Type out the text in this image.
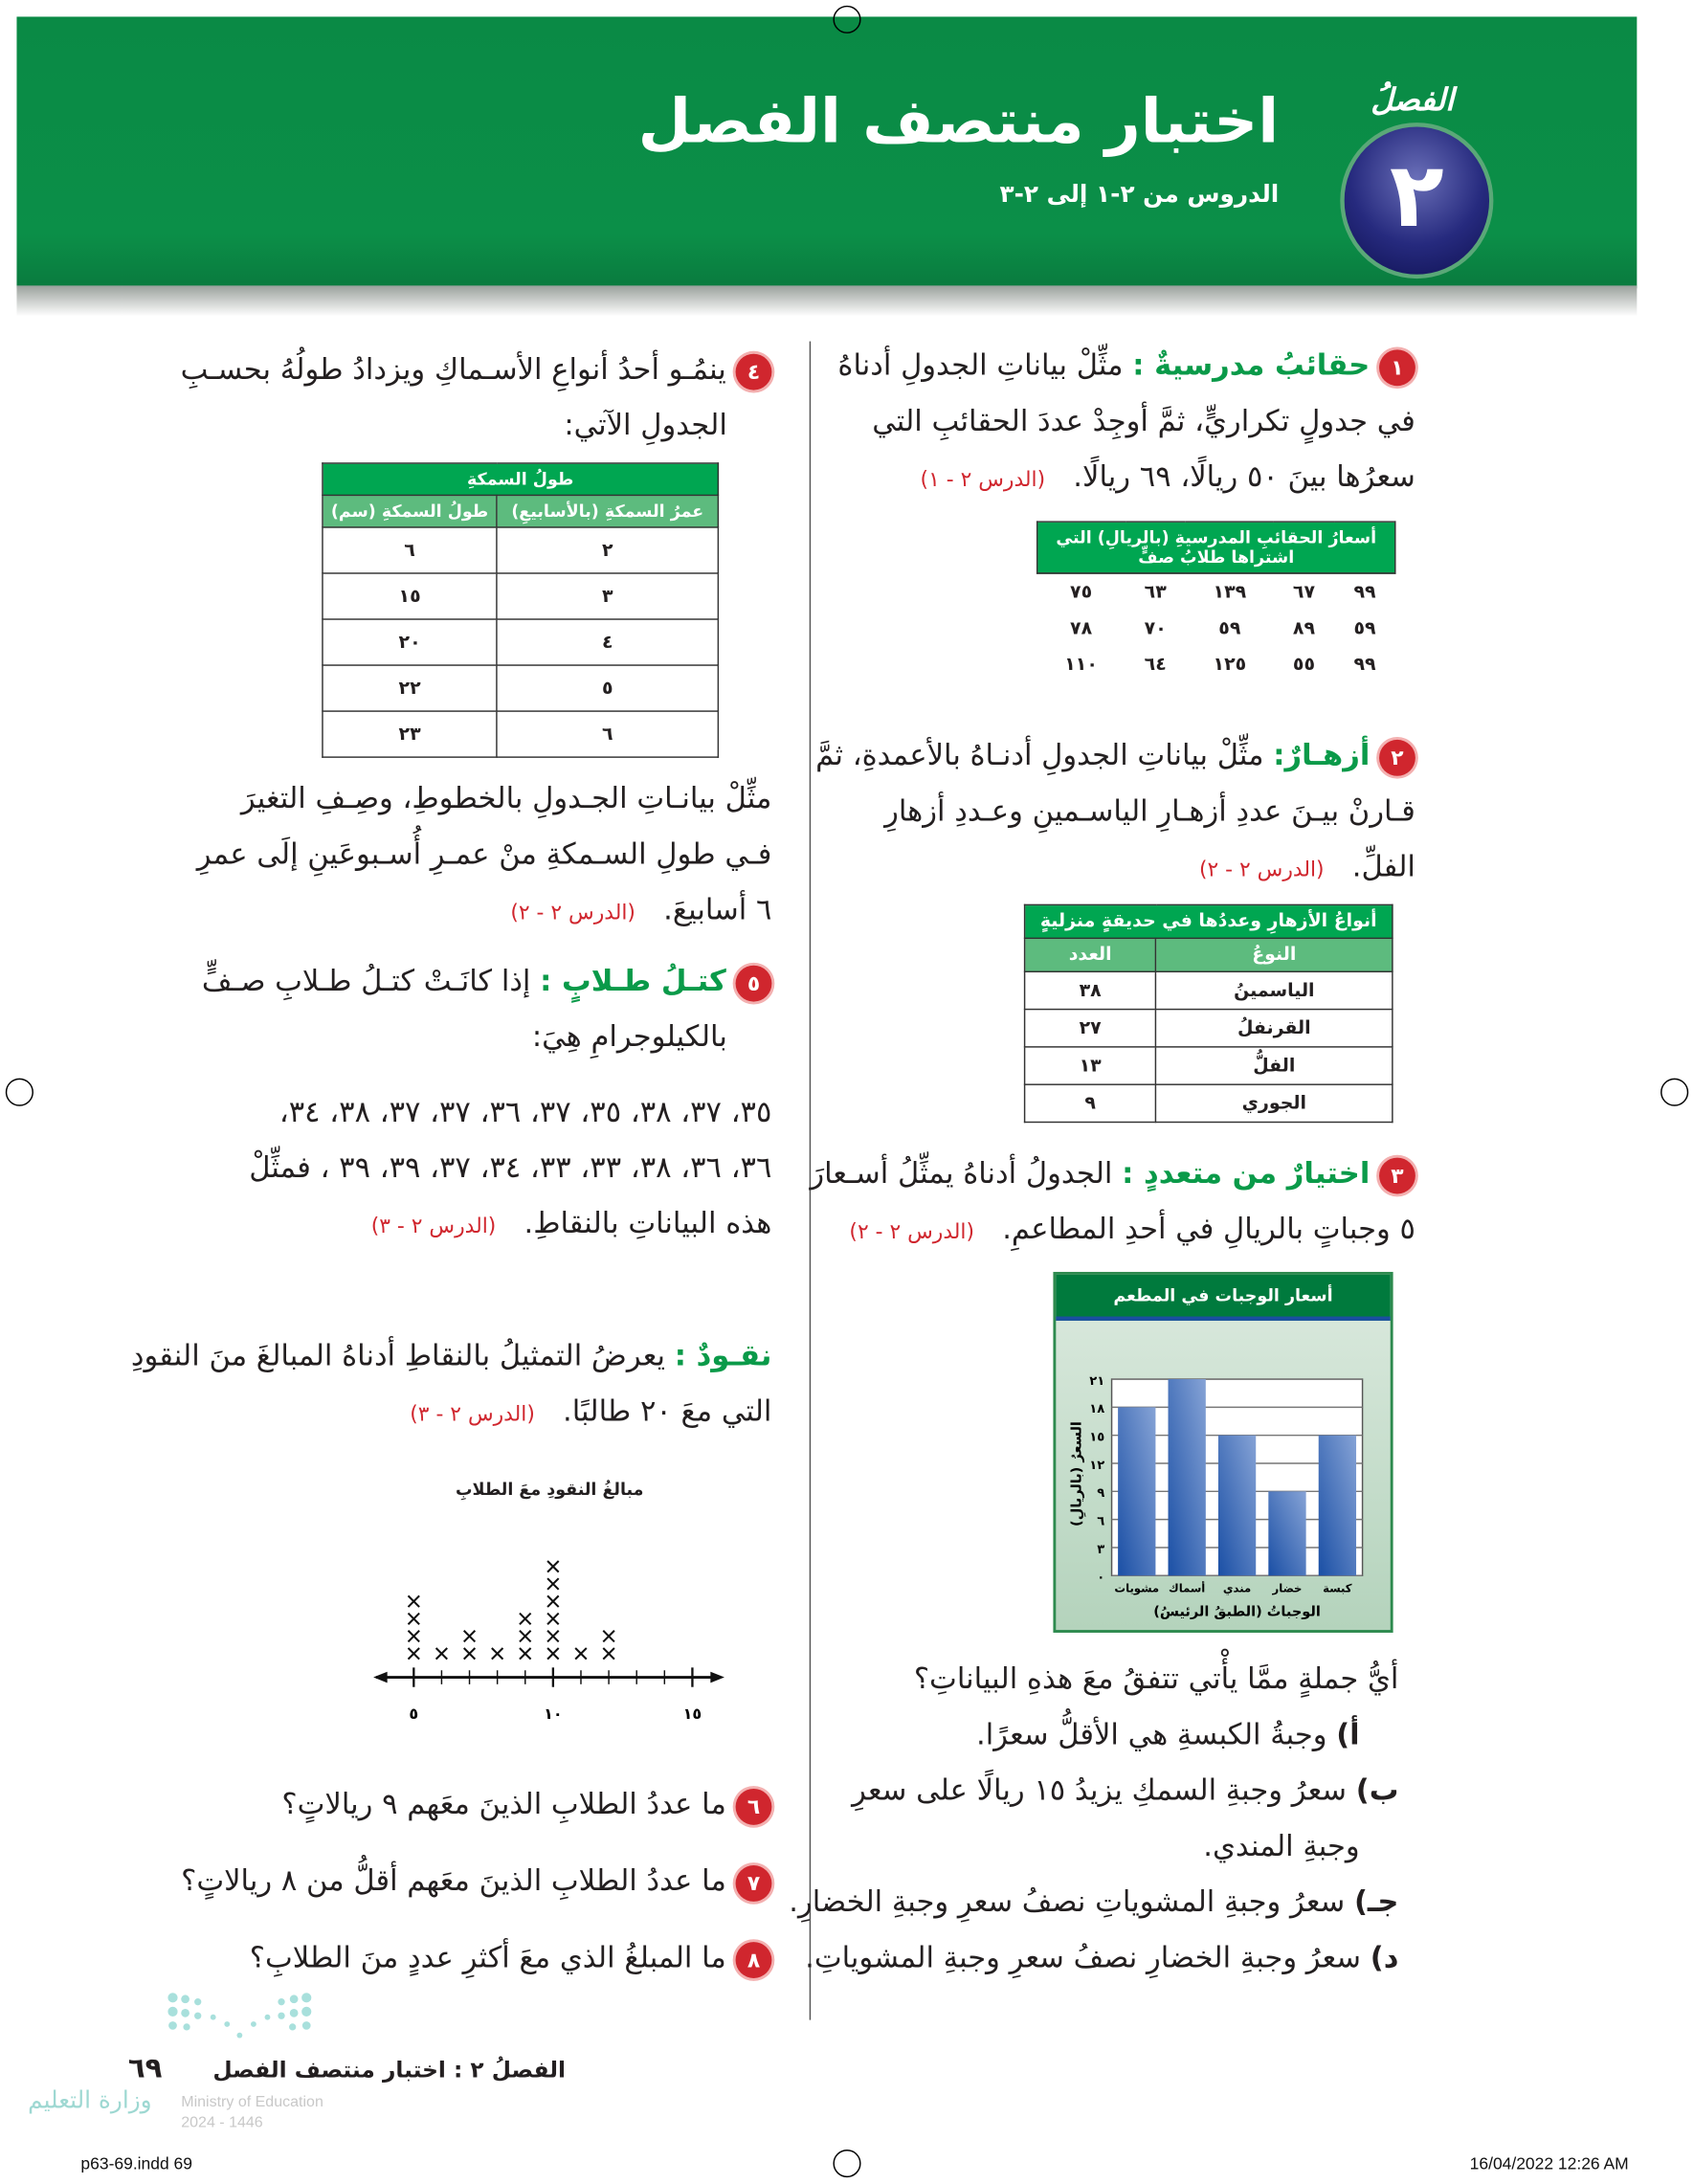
اختبار منتصف الفصل
الدروس من ٢-١ إلى ٢-٣	٢
الفصلُ
١ حقائبُ مدرسيةٌ : مثِّلْ بياناتِ الجدولِ أدناهُ
في جدولٍ تكراريٍّ، ثمَّ أوجِدْ عددَ الحقائبِ التي
سعرُها بينَ ٥٠ ريالًا، ٦٩ ريالًا.   (الدرس ٢ - ١)
أسعارُ الحقائبِ المدرسيةِ (بالريالِ) التي اشتراها طلابُ صفٍّ				
٩٩	٦٧	١٣٩	٦٣	٧٥
٥٩	٨٩	٥٩	٧٠	٧٨
٩٩	٥٥	١٢٥	٦٤	١١٠
٢ أزهـارٌ: مثِّلْ بياناتِ الجدولِ أدنـاهُ بالأعمدةِ، ثمَّ
قـارنْ بيـنَ عددِ أزهـارِ الياسـمينِ وعـددِ أزهارِ
الفلِّ.   (الدرس ٢ - ٢)
أنواعُ الأزهارِ وعددُها في حديقةٍ منزليةٍ	
النوعُ	العدد
الياسمينُ	٣٨
القرنفلُ	٢٧
الفلُّ	١٣
الجوري	٩
٣ اختيارٌ من متعددٍ : الجدولُ أدناهُ يمثِّلُ أسـعارَ
٥ وجباتٍ بالريالِ في أحدِ المطاعمِ.   (الدرس ٢ - ٢)
أسعار الوجبات في المطعم
٠
٣
٦
٩
١٢
١٥
١٨
٢١
مشويات أسماك مندي	خضار	كبسة
الوجباتُ (الطبقُ الرئيسُ)
السعرُ (بالريالِ)
أيُّ جملةٍ ممَّا يأْتي تتفقُ معَ هذهِ البياناتِ؟
أ) وجبةُ الكبسةِ هي الأقلُّ سعرًا.
ب) سعرُ وجبةِ السمكِ يزيدُ ١٥ ريالًا على سعرِ
وجبةِ المندي.
جـ) سعرُ وجبةِ المشوياتِ نصفُ سعرِ وجبةِ الخضارِ.
د) سعرُ وجبةِ الخضارِ نصفُ سعرِ وجبةِ المشوياتِ.
٤ ينمُـو أحدُ أنواعِ الأسـماكِ ويزدادُ طولُهُ بحسـبِ
الجدولِ الآتي:
طولُ السمكةِ	
عمرُ السمكةِ (بالأسابيعِ)	طولُ السمكةِ (سم)
٢	٦
٣	١٥
٤	٢٠
٥	٢٢
٦	٢٣
مثِّلْ بيانـاتِ الجـدولِ بالخطوطِ، وصِـفِ التغيرَ
فـي طولِ السـمكةِ منْ عمـرِ أُسـبوعَينِ إلَى عمرِ
٦ أسابيعَ.   (الدرس ٢ - ٢)
٥ كتـلُ طـلابٍ : إذا كانَـتْ كتـلُ طـلابِ صـفٍّ
بالكيلوجرامِ هِيَ:
٣٥، ٣٧، ٣٨، ٣٥، ٣٧، ٣٦، ٣٧، ٣٧، ٣٨، ٣٤،
٣٦، ٣٦، ٣٨، ٣٣، ٣٣، ٣٤، ٣٧، ٣٩، ٣٩ ، فمثِّلْ
هذه البياناتِ بالنقاطِ.   (الدرس ٢ - ٣)
نقـودٌ : يعرضُ التمثيلُ بالنقاطِ أدناهُ المبالغَ منَ النقودِ
التي معَ ٢٠ طالبًا.   (الدرس ٢ - ٣)
مبالغُ النقودِ معَ الطلابِ
٥	١٠	١٥
٦ ما عددُ الطلابِ الذينَ معَهم ٩ ريالاتٍ؟
٧ ما عددُ الطلابِ الذينَ معَهم أقلُّ من ٨ ريالاتٍ؟
٨ ما المبلغُ الذي معَ أكثرِ عددٍ منَ الطلابِ؟
وزارة التعليم	Ministry of Education
2024 - 1446
٦٩	الفصلُ ٢ : اختبار منتصف الفصل
p63-69.indd 69	16/04/2022 12:26 AM
